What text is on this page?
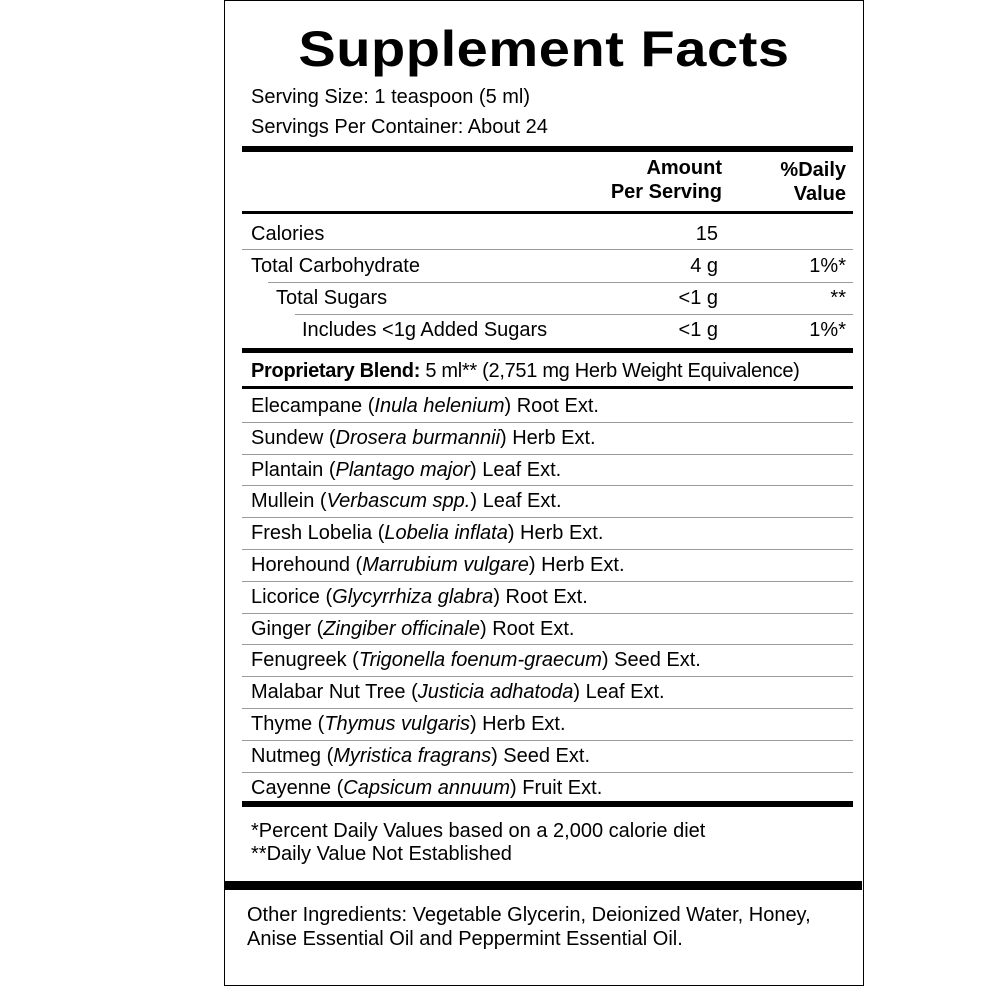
Supplement Facts
Serving Size: 1 teaspoon (5 ml)
Servings Per Container: About 24
Amount
Per Serving
%Daily
Value
Calories	15
Total Carbohydrate	4 g	1%*
Total Sugars	<1 g	**
Includes <1g Added Sugars	<1 g	1%*
Proprietary Blend: 5 ml** (2,751 mg Herb Weight Equivalence)
Elecampane (Inula helenium) Root Ext.
Sundew (Drosera burmannii) Herb Ext.
Plantain (Plantago major) Leaf Ext.
Mullein (Verbascum spp.) Leaf Ext.
Fresh Lobelia (Lobelia inflata) Herb Ext.
Horehound (Marrubium vulgare) Herb Ext.
Licorice (Glycyrrhiza glabra) Root Ext.
Ginger (Zingiber officinale) Root Ext.
Fenugreek (Trigonella foenum-graecum) Seed Ext.
Malabar Nut Tree (Justicia adhatoda) Leaf Ext.
Thyme (Thymus vulgaris) Herb Ext.
Nutmeg (Myristica fragrans) Seed Ext.
Cayenne (Capsicum annuum) Fruit Ext.
*Percent Daily Values based on a 2,000 calorie diet
**Daily Value Not Established
Other Ingredients: Vegetable Glycerin, Deionized Water, Honey, Anise Essential Oil and Peppermint Essential Oil.
